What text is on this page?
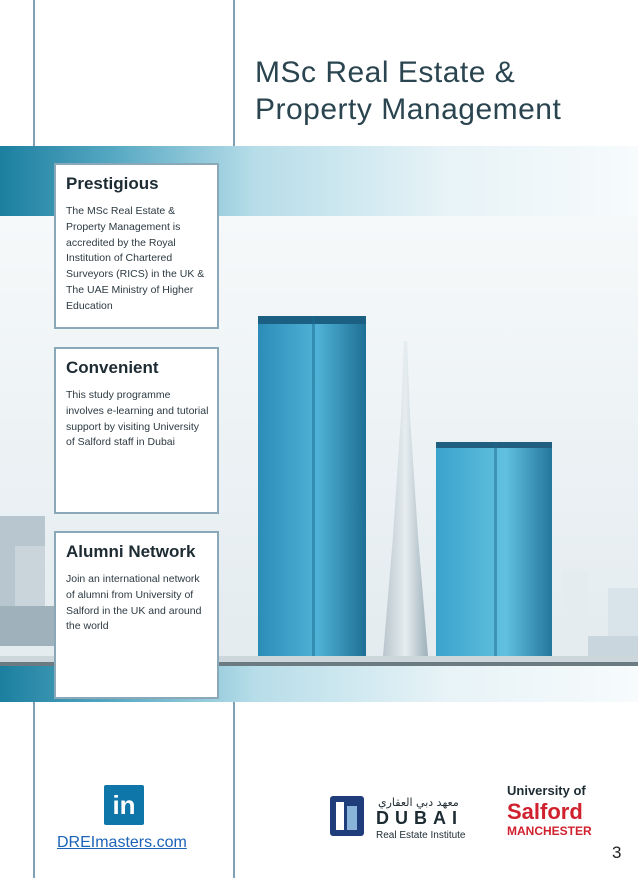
MSc Real Estate &
Property Management
Prestigious

The MSc Real Estate & Property Management is accredited by the Royal Institution of Chartered Surveyors (RICS) in the UK & The UAE Ministry of Higher Education

Convenient

This study programme involves e-learning and tutorial support by visiting University of Salford staff in Dubai

Alumni Network

Join an international network of alumni from University of Salford in the UK and around the world

in
DREImasters.com
معهد دبي العقاري
DUBAI
Real Estate Institute
University of
Salford
MANCHESTER
3
